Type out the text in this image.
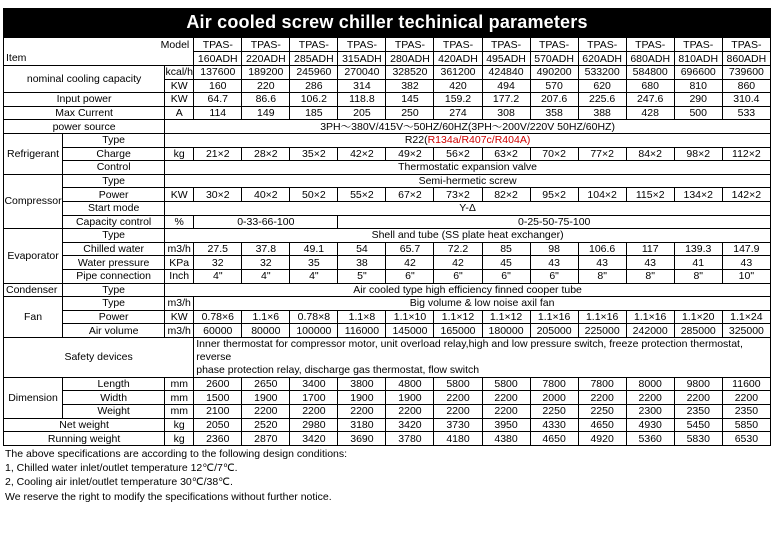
Air cooled screw chiller techinical parameters
Model			TPAS-	TPAS-	TPAS-	TPAS-	TPAS-	TPAS-	TPAS-	TPAS-	TPAS-	TPAS-	TPAS-	TPAS-
Item			160ADH	220ADH	285ADH	315ADH	280ADH	420ADH	495ADH	570ADH	620ADH	680ADH	810ADH	860ADH
nominal cooling capacity		kcal/h	137600	189200	245960	270040	328520	361200	424840	490200	533200	584800	696600	739600
		KW	160	220	286	314	382	420	494	570	620	680	810	860
Input power		KW	64.7	86.6	106.2	118.8	145	159.2	177.2	207.6	225.6	247.6	290	310.4
Max Current		A	114	149	185	205	250	274	308	358	388	428	500	533
power source		3PH～380V/415V～50HZ/60HZ(3PH～200V/220V 50HZ/60HZ)												
Refrigerant	Type	R22(R134a/R407c/R404A)												
	Charge	kg	21×2	28×2	35×2	42×2	49×2	56×2	63×2	70×2	77×2	84×2	98×2	112×2
	Control	Thermostatic expansion valve												
Compressor	Type	Semi-hermetic screw												
	Power	KW	30×2	40×2	50×2	55×2	67×2	73×2	82×2	95×2	104×2	115×2	134×2	142×2
	Start mode	Y-Δ												
	Capacity control	%	0-33-66-100			0-25-50-75-100								
Evaporator	Type	Shell and tube (SS plate heat exchanger)												
	Chilled water	m3/h	27.5	37.8	49.1	54	65.7	72.2	85	98	106.6	117	139.3	147.9
	Water pressure	KPa	32	32	35	38	42	42	45	43	43	43	41	43
	Pipe connection	Inch	4"	4"	4"	5"	6"	6"	6"	6"	8"	8"	8"	10"
Condenser	Type	Air cooled type high efficiency finned cooper tube												
Fan	Type	m3/h	Big volume & low noise axil fan											
	Power	KW	0.78×6	1.1×6	0.78×8	1.1×8	1.1×10	1.1×12	1.1×12	1.1×16	1.1×16	1.1×16	1.1×20	1.1×24
	Air volume	m3/h	60000	80000	100000	116000	145000	165000	180000	205000	225000	242000	285000	325000
Safety devices			Inner thermostat for compressor motor, unit overload relay,high and low pressure switch, freeze protection thermostat, reverse
phase protection relay, discharge gas thermostat, flow switch											

Dimension	Length	mm	2600	2650	3400	3800	4800	5800	5800	7800	7800	8000	9800	11600
	Width	mm	1500	1900	1700	1900	1900	2200	2200	2000	2200	2200	2200	2200
	Weight	mm	2100	2200	2200	2200	2200	2200	2200	2250	2250	2300	2350	2350
Net weight		kg	2050	2520	2980	3180	3420	3730	3950	4330	4650	4930	5450	5850
Running weight		kg	2360	2870	3420	3690	3780	4180	4380	4650	4920	5360	5830	6530
The above specifications are according to the following design conditions:
1, Chilled water inlet/outlet temperature 12℃/7℃.
2, Cooling air inlet/outlet temperature 30℃/38℃.
We reserve the right to modify the specifications without further notice.
